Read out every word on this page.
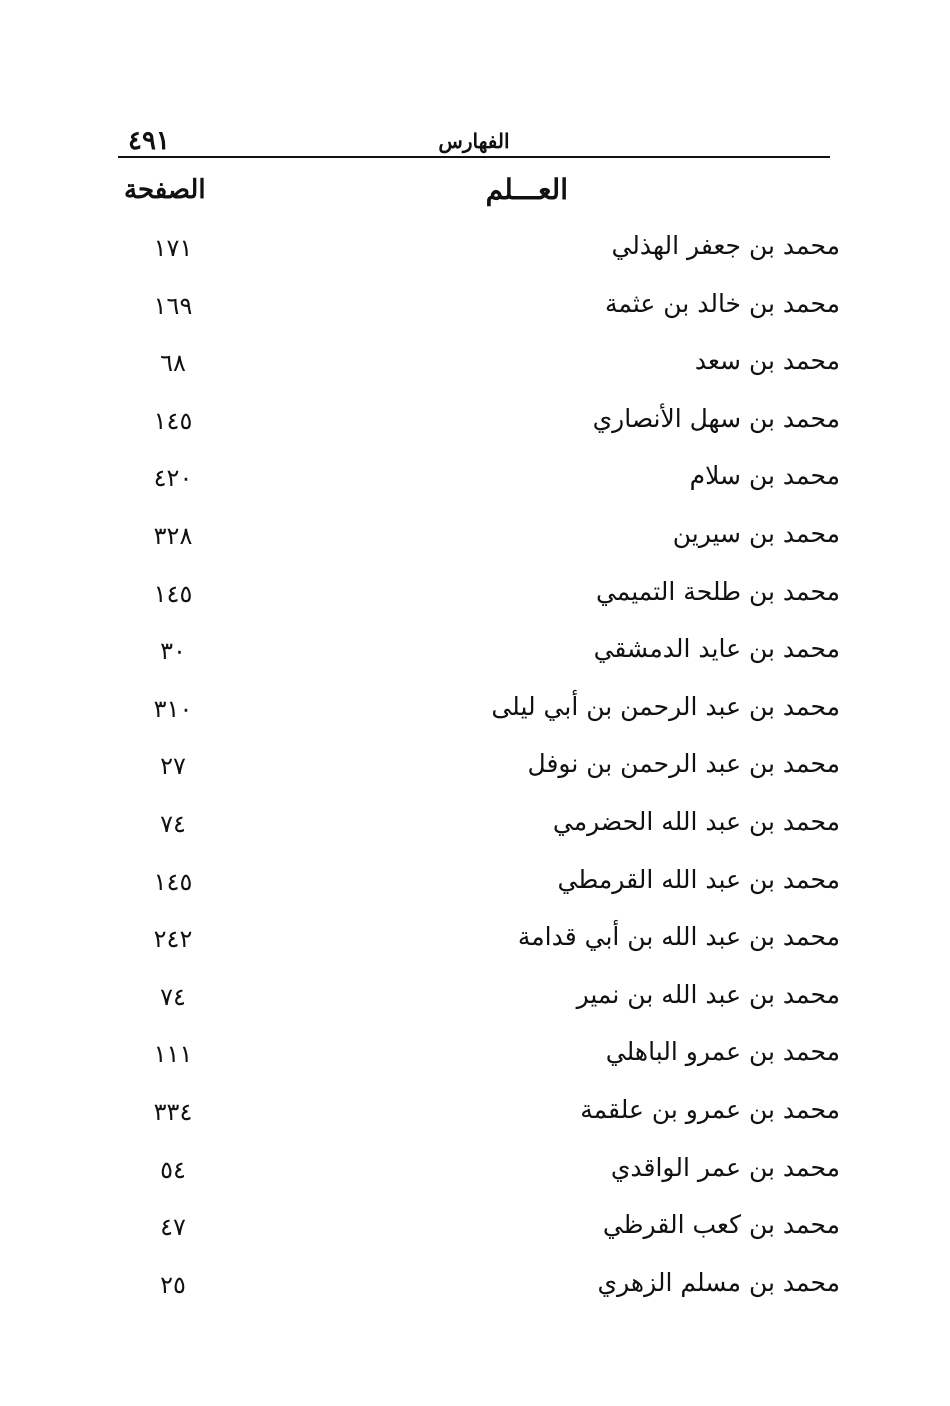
٤٩١	الفهارس
العـــلم
الصفحة
محمد بن جعفر الهذلي
١٧١
محمد بن خالد بن عثمة
١٦٩
محمد بن سعد
٦٨
محمد بن سهل الأنصاري
١٤٥
محمد بن سلام
٤٢٠
محمد بن سيرين
٣٢٨
محمد بن طلحة التميمي
١٤٥
محمد بن عايد الدمشقي
٣٠
محمد بن عبد الرحمن بن أبي ليلى
٣١٠
محمد بن عبد الرحمن بن نوفل
٢٧
محمد بن عبد الله الحضرمي
٧٤
محمد بن عبد الله القرمطي
١٤٥
محمد بن عبد الله بن أبي قدامة
٢٤٢
محمد بن عبد الله بن نمير
٧٤
محمد بن عمرو الباهلي
١١١
محمد بن عمرو بن علقمة
٣٣٤
محمد بن عمر الواقدي
٥٤
محمد بن كعب القرظي
٤٧
محمد بن مسلم الزهري
٢٥
